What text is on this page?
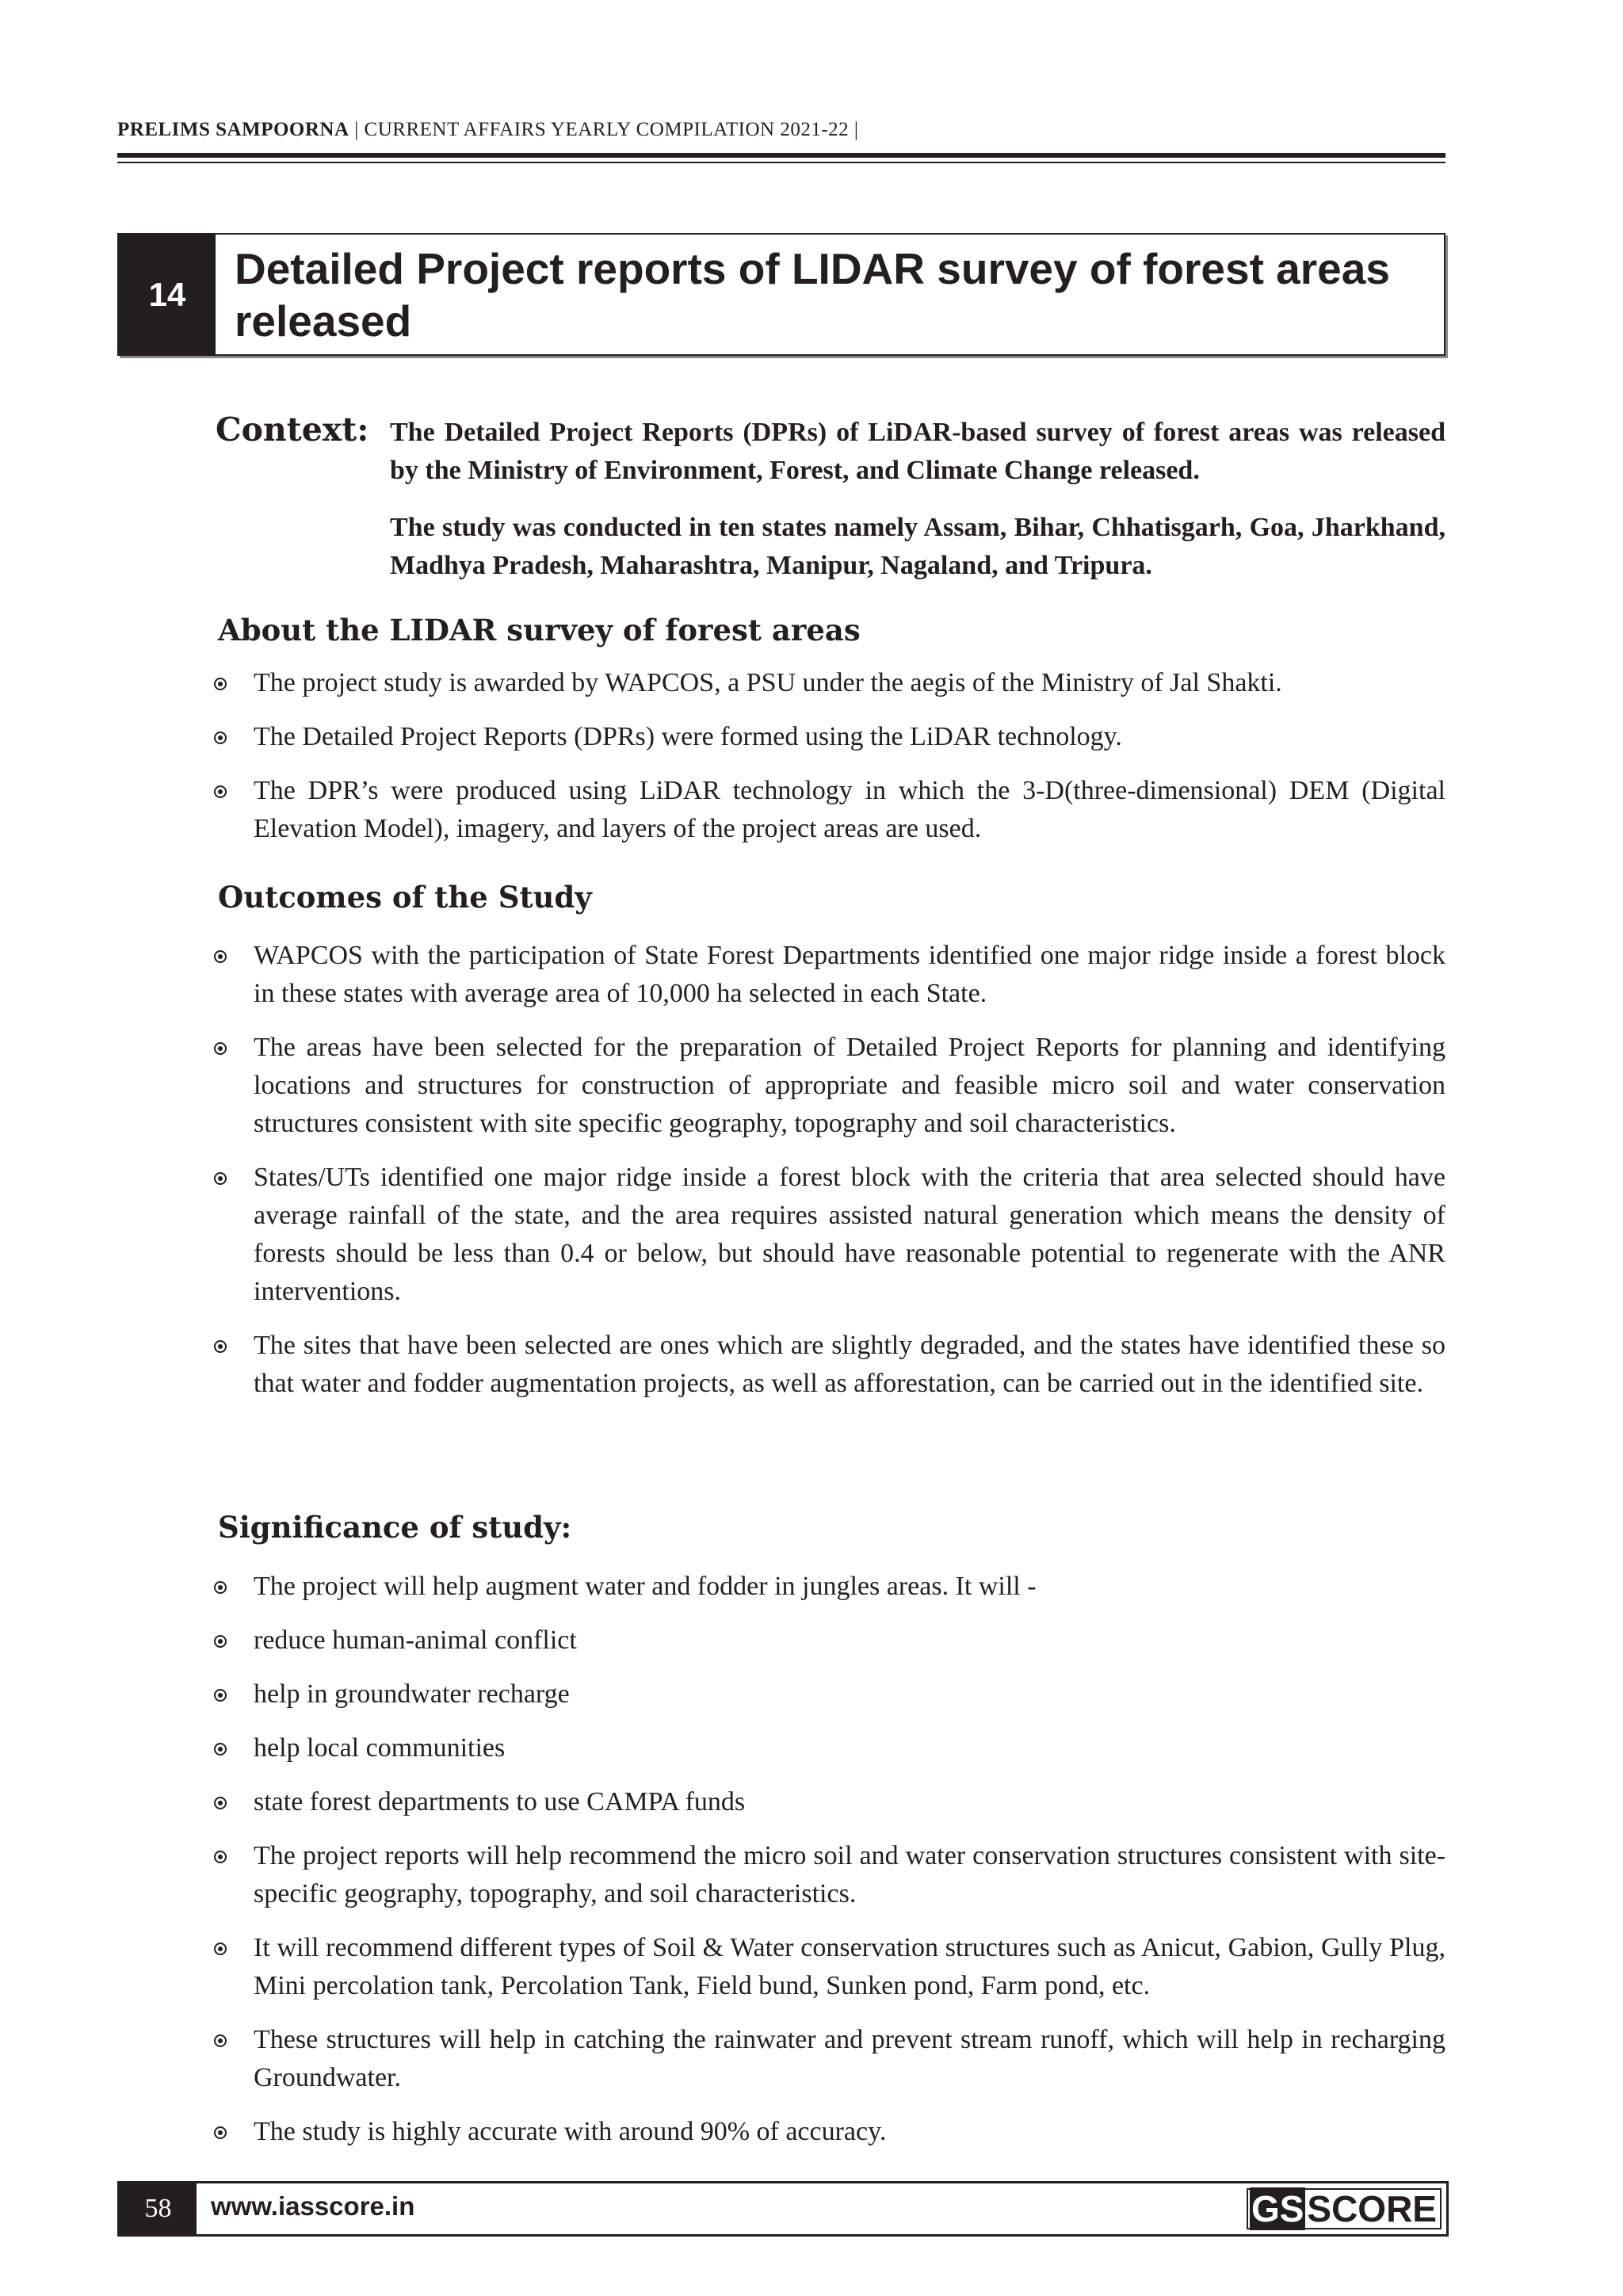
PRELIMS SAMPOORNA | CURRENT AFFAIRS YEARLY COMPILATION 2021-22 |
14
Detailed Project reports of LIDAR survey of forest areas released
Context: The Detailed Project Reports (DPRs) of LiDAR-based survey of forest areas was released by the Ministry of Environment, Forest, and Climate Change released.

The study was conducted in ten states namely Assam, Bihar, Chhatisgarh, Goa, Jharkhand, Madhya Pradesh, Maharashtra, Manipur, Nagaland, and Tripura.

About the LIDAR survey of forest areas
The project study is awarded by WAPCOS, a PSU under the aegis of the Ministry of Jal Shakti.
The Detailed Project Reports (DPRs) were formed using the LiDAR technology.
The DPR’s were produced using LiDAR technology in which the 3-D(three-dimensional) DEM (Digital Elevation Model), imagery, and layers of the project areas are used.
Outcomes of the Study
WAPCOS with the participation of State Forest Departments identified one major ridge inside a forest block in these states with average area of 10,000 ha selected in each State.
The areas have been selected for the preparation of Detailed Project Reports for planning and identifying locations and structures for construction of appropriate and feasible micro soil and water conservation structures consistent with site specific geography, topography and soil characteristics.
States/UTs identified one major ridge inside a forest block with the criteria that area selected should have average rainfall of the state, and the area requires assisted natural generation which means the density of forests should be less than 0.4 or below, but should have reasonable potential to regenerate with the ANR interventions.
The sites that have been selected are ones which are slightly degraded, and the states have identified these so that water and fodder augmentation projects, as well as afforestation, can be carried out in the identified site.
Significance of study:
The project will help augment water and fodder in jungles areas. It will -
reduce human-animal conflict
help in groundwater recharge
help local communities
state forest departments to use CAMPA funds
The project reports will help recommend the micro soil and water conservation structures consistent with site-specific geography, topography, and soil characteristics.
It will recommend different types of Soil & Water conservation structures such as Anicut, Gabion, Gully Plug, Mini percolation tank, Percolation Tank, Field bund, Sunken pond, Farm pond, etc.
These structures will help in catching the rainwater and prevent stream runoff, which will help in recharging Groundwater.
The study is highly accurate with around 90% of accuracy.
58	www.iasscore.in	GS SCORE
